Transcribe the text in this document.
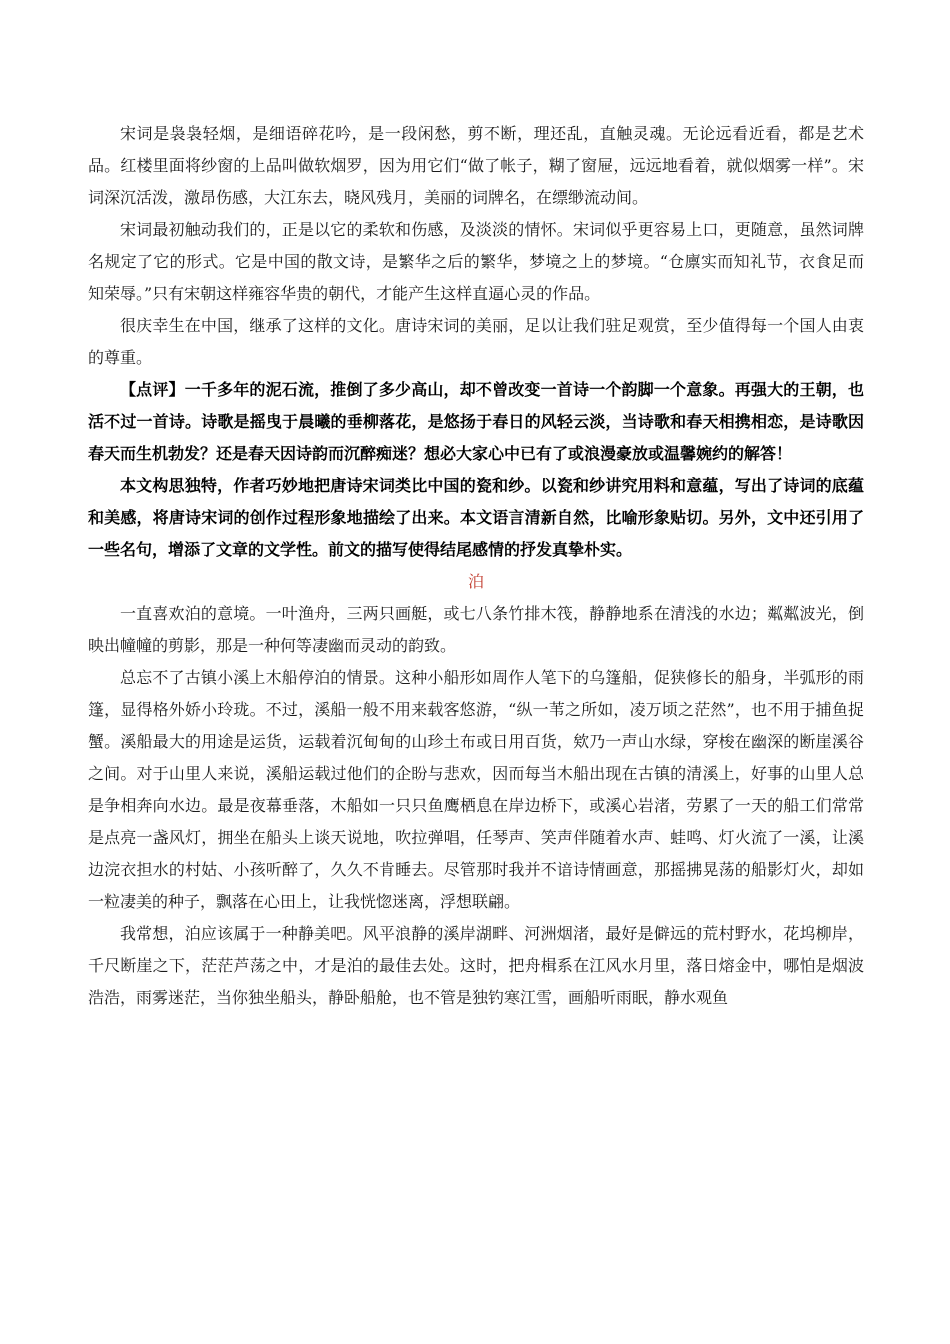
宋词是袅袅轻烟，是细语碎花吟，是一段闲愁，剪不断，理还乱，直触灵魂。无论远看近看，都是艺术品。红楼里面将纱窗的上品叫做软烟罗，因为用它们“做了帐子，糊了窗屉，远远地看着，就似烟雾一样”。宋词深沉活泼，激昂伤感，大江东去，晓风残月，美丽的词牌名，在缥缈流动间。

宋词最初触动我们的，正是以它的柔软和伤感，及淡淡的情怀。宋词似乎更容易上口，更随意，虽然词牌名规定了它的形式。它是中国的散文诗，是繁华之后的繁华，梦境之上的梦境。“仓廪实而知礼节，衣食足而知荣辱。”只有宋朝这样雍容华贵的朝代，才能产生这样直逼心灵的作品。

很庆幸生在中国，继承了这样的文化。唐诗宋词的美丽，足以让我们驻足观赏，至少值得每一个国人由衷的尊重。

【点评】一千多年的泥石流，推倒了多少高山，却不曾改变一首诗一个韵脚一个意象。再强大的王朝，也活不过一首诗。诗歌是摇曳于晨曦的垂柳落花，是悠扬于春日的风轻云淡，当诗歌和春天相携相恋，是诗歌因春天而生机勃发？还是春天因诗韵而沉醉痴迷？想必大家心中已有了或浪漫豪放或温馨婉约的解答！

本文构思独特，作者巧妙地把唐诗宋词类比中国的瓷和纱。以瓷和纱讲究用料和意蕴，写出了诗词的底蕴和美感，将唐诗宋词的创作过程形象地描绘了出来。本文语言清新自然，比喻形象贴切。另外，文中还引用了一些名句，增添了文章的文学性。前文的描写使得结尾感情的抒发真挚朴实。

泊

一直喜欢泊的意境。一叶渔舟，三两只画艇，或七八条竹排木筏，静静地系在清浅的水边；粼粼波光，倒映出幢幢的剪影，那是一种何等凄幽而灵动的韵致。

总忘不了古镇小溪上木船停泊的情景。这种小船形如周作人笔下的乌篷船，促狭修长的船身，半弧形的雨篷，显得格外娇小玲珑。不过，溪船一般不用来载客悠游，“纵一苇之所如，凌万顷之茫然”，也不用于捕鱼捉蟹。溪船最大的用途是运货，运载着沉甸甸的山珍土布或日用百货，欸乃一声山水绿，穿梭在幽深的断崖溪谷之间。对于山里人来说，溪船运载过他们的企盼与悲欢，因而每当木船出现在古镇的清溪上，好事的山里人总是争相奔向水边。最是夜幕垂落，木船如一只只鱼鹰栖息在岸边桥下，或溪心岩渚，劳累了一天的船工们常常是点亮一盏风灯，拥坐在船头上谈天说地，吹拉弹唱，任琴声、笑声伴随着水声、蛙鸣、灯火流了一溪，让溪边浣衣担水的村姑、小孩听醉了，久久不肯睡去。尽管那时我并不谙诗情画意，那摇拂晃荡的船影灯火，却如一粒凄美的种子，飘落在心田上，让我恍惚迷离，浮想联翩。

我常想，泊应该属于一种静美吧。风平浪静的溪岸湖畔、河洲烟渚，最好是僻远的荒村野水，花坞柳岸，千尺断崖之下，茫茫芦荡之中，才是泊的最佳去处。这时，把舟楫系在江风水月里，落日熔金中，哪怕是烟波浩浩，雨雾迷茫，当你独坐船头，静卧船舱，也不管是独钓寒江雪，画船听雨眠，静水观鱼
